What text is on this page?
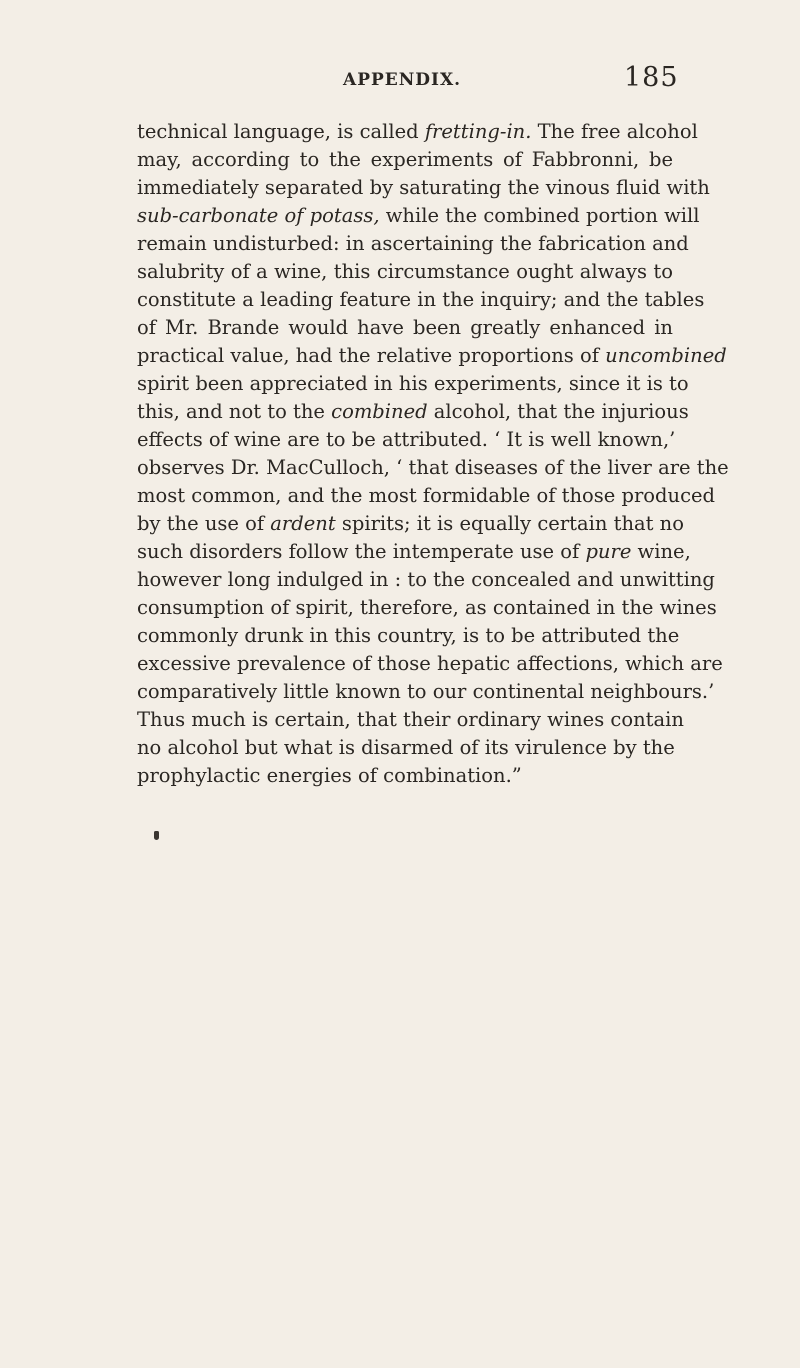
APPENDIX.	185
technical language, is called fretting-in. The free alcohol
may, according to the experiments of Fabbronni, be
immediately separated by saturating the vinous fluid with
sub-carbonate of potass, while the combined portion will
remain undisturbed: in ascertaining the fabrication and
salubrity of a wine, this circumstance ought always to
constitute a leading feature in the inquiry; and the tables
of Mr. Brande would have been greatly enhanced in
practical value, had the relative proportions of uncombined
spirit been appreciated in his experiments, since it is to
this, and not to the combined alcohol, that the injurious
effects of wine are to be attributed. ‘ It is well known,’
observes Dr. MacCulloch, ‘ that diseases of the liver are the
most common, and the most formidable of those produced
by the use of ardent spirits; it is equally certain that no
such disorders follow the intemperate use of pure wine,
however long indulged in : to the concealed and unwitting
consumption of spirit, therefore, as contained in the wines
commonly drunk in this country, is to be attributed the
excessive prevalence of those hepatic affections, which are
comparatively little known to our continental neighbours.’
Thus much is certain, that their ordinary wines contain
no alcohol but what is disarmed of its virulence by the
prophylactic energies of combination.”
